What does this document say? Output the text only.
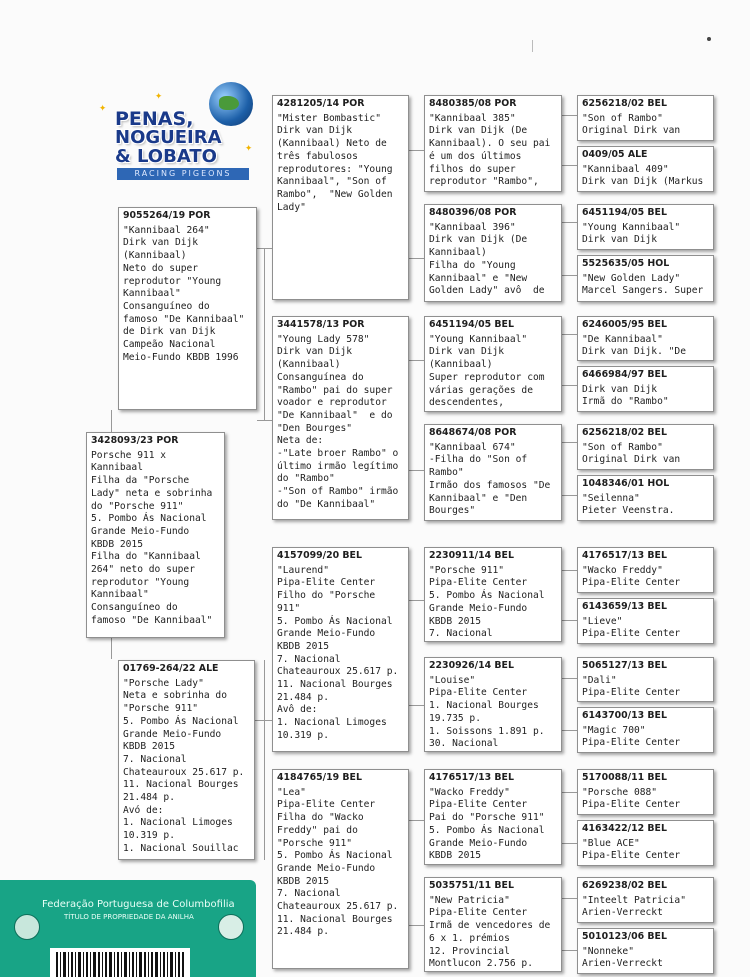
✦
✦
✦
PENAS,
NOGUEIRA
& LOBATO
RACING PIGEONS
3428093/23 POR
Porsche 911 x
Kannibaal
Filha da "Porsche
Lady" neta e sobrinha
do "Porsche 911"
5. Pombo Ás Nacional
Grande Meio-Fundo
KBDB 2015
Filha do "Kannibaal
264" neto do super
reprodutor "Young
Kannibaal"
Consanguíneo do
famoso "De Kannibaal"
9055264/19 POR
"Kannibaal 264"
Dirk van Dijk
(Kannibaal)
Neto do super
reprodutor "Young
Kannibaal"
Consanguíneo do
famoso "De Kannibaal"
de Dirk van Dijk
Campeão Nacional
Meio-Fundo KBDB 1996
01769-264/22 ALE
"Porsche Lady"
Neta e sobrinha do
"Porsche 911"
5. Pombo Ás Nacional
Grande Meio-Fundo
KBDB 2015
7. Nacional
Chateauroux 25.617 p.
11. Nacional Bourges
21.484 p.
Avó de:
1. Nacional Limoges
10.319 p.
1. Nacional Souillac
4281205/14 POR
"Mister Bombastic"
Dirk van Dijk
(Kannibaal) Neto de
três fabulosos
reprodutores: "Young
Kannibaal", "Son of
Rambo",  "New Golden
Lady"
3441578/13 POR
"Young Lady 578"
Dirk van Dijk
(Kannibaal)
Consanguínea do
"Rambo" pai do super
voador e reprodutor
"De Kannibaal"  e do
"Den Bourges"
Neta de:
-"Late broer Rambo" o
último irmão legítimo
do "Rambo"
-"Son of Rambo" irmão
do "De Kannibaal"
4157099/20 BEL
"Laurend"
Pipa-Elite Center
Filho do "Porsche
911"
5. Pombo Ás Nacional
Grande Meio-Fundo
KBDB 2015
7. Nacional
Chateauroux 25.617 p.
11. Nacional Bourges
21.484 p.
Avô de:
1. Nacional Limoges
10.319 p.
4184765/19 BEL
"Lea"
Pipa-Elite Center
Filha do "Wacko
Freddy" pai do
"Porsche 911"
5. Pombo Ás Nacional
Grande Meio-Fundo
KBDB 2015
7. Nacional
Chateauroux 25.617 p.
11. Nacional Bourges
21.484 p.
8480385/08 POR
"Kannibaal 385"
Dirk van Dijk (De
Kannibaal). O seu pai
é um dos últimos
filhos do super
reprodutor "Rambo",
8480396/08 POR
"Kannibaal 396"
Dirk van Dijk (De
Kannibaal)
Filha do "Young
Kannibaal" e "New
Golden Lady" avô  de
6451194/05 BEL
"Young Kannibaal"
Dirk van Dijk
(Kannibaal)
Super reprodutor com
várias gerações de
descendentes,
8648674/08 POR
"Kannibaal 674"
-Filha do "Son of
Rambo"
Irmão dos famosos "De
Kannibaal" e "Den
Bourges"
2230911/14 BEL
"Porsche 911"
Pipa-Elite Center
5. Pombo Ás Nacional
Grande Meio-Fundo
KBDB 2015
7. Nacional
2230926/14 BEL
"Louise"
Pipa-Elite Center
1. Nacional Bourges
19.735 p.
1. Soissons 1.891 p.
30. Nacional
4176517/13 BEL
"Wacko Freddy"
Pipa-Elite Center
Pai do "Porsche 911"
5. Pombo Ás Nacional
Grande Meio-Fundo
KBDB 2015
5035751/11 BEL
"New Patricia"
Pipa-Elite Center
Irmã de vencedores de
6 x 1. prémios
12. Provincial
Montlucon 2.756 p.
6256218/02 BEL
"Son of Rambo"
Original Dirk van
0409/05 ALE
"Kannibaal 409"
Dirk van Dijk (Markus
6451194/05 BEL
"Young Kannibaal"
Dirk van Dijk
5525635/05 HOL
"New Golden Lady"
Marcel Sangers. Super
6246005/95 BEL
"De Kannibaal"
Dirk van Dijk. "De
6466984/97 BEL
Dirk van Dijk
Irmã do "Rambo"
6256218/02 BEL
"Son of Rambo"
Original Dirk van
1048346/01 HOL
"Seilenna"
Pieter Veenstra.
4176517/13 BEL
"Wacko Freddy"
Pipa-Elite Center
6143659/13 BEL
"Lieve"
Pipa-Elite Center
5065127/13 BEL
"Dali"
Pipa-Elite Center
6143700/13 BEL
"Magic 700"
Pipa-Elite Center
5170088/11 BEL
"Porsche 088"
Pipa-Elite Center
4163422/12 BEL
"Blue ACE"
Pipa-Elite Center
6269238/02 BEL
"Inteelt Patricia"
Arien-Verreckt
5010123/06 BEL
"Nonneke"
Arien-Verreckt
Federação Portuguesa de Columbofilia
TÍTULO DE PROPRIEDADE DA ANILHA
